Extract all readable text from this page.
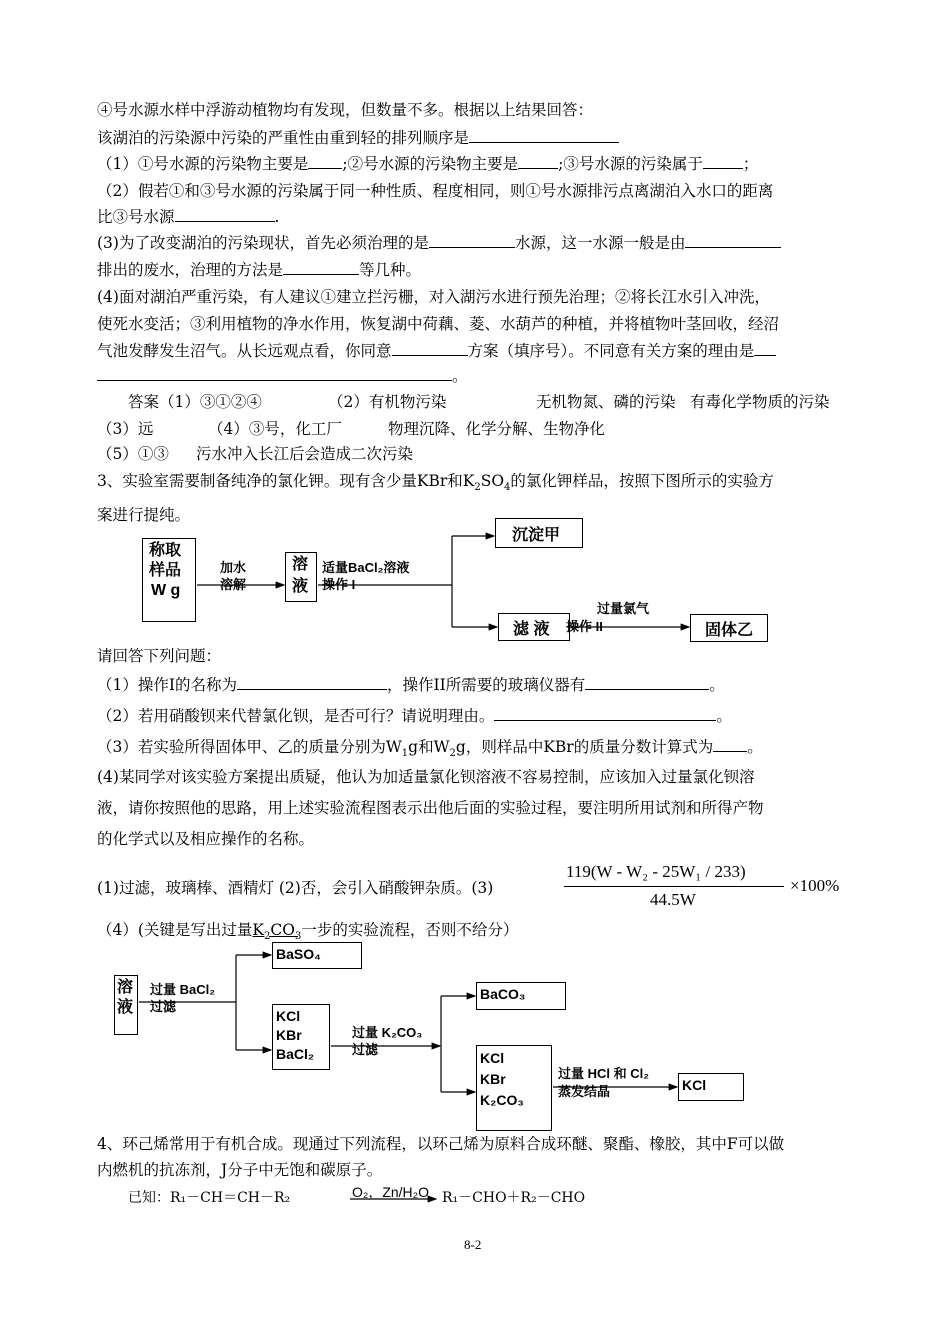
④号水源水样中浮游动植物均有发现，但数量不多。根据以上结果回答：
该湖泊的污染源中污染的严重性由重到轻的排列顺序是
（1）①号水源的污染物主要是 ;②号水源的污染物主要是	;③号水源的污染属于	；
（2）假若①和③号水源的污染属于同一种性质、程度相同，则①号水源排污点离湖泊入水口的距离
比③号水源	.
(3)为了改变湖泊的污染现状，首先必须治理的是	水源，这一水源一般是由
排出的废水，治理的方法是	等几种。
(4)面对湖泊严重污染，有人建议①建立拦污栅，对入湖污水进行预先治理；②将长江水引入冲洗，
使死水变活；③利用植物的净水作用，恢复湖中荷藕、菱、水葫芦的种植，并将植物叶茎回收，经沼
气池发酵发生沼气。从长远观点看，你同意	方案（填序号）。不同意有关方案的理由是
。
答案（1）③①②④	（2）有机物污染	无机物氮、磷的污染 有毒化学物质的污染
（3）远	（4）③号，化工厂	物理沉降、化学分解、生物净化
（5）①③ 污水冲入长江后会造成二次污染
3、实验室需要制备纯净的氯化钾。现有含少量KBr和$K_2SO_4$的氯化钾样品，按照下图所示的实验方
案进行提纯。
称取
样品
W g
加水
溶解
溶
液
适量BaCl₂溶液
操作 I
沉淀甲
滤 液
过量氯气
操作 II	固体乙
请回答下列问题：
（1）操作I的名称为	，操作II所需要的玻璃仪器有	。
（2）若用硝酸钡来代替氯化钡，是否可行？请说明理由。	。
（3）若实验所得固体甲、乙的质量分别为$W_1g$和$W_2g$，则样品中KBr的质量分数计算式为 。
(4)某同学对该实验方案提出质疑，他认为加适量氯化钡溶液不容易控制，应该加入过量氯化钡溶
液，请你按照他的思路，用上述实验流程图表示出他后面的实验过程，要注明所用试剂和所得产物
的化学式以及相应操作的名称。
(1)过滤，玻璃棒、酒精灯 (2)否，会引入硝酸钾杂质。(3)
119(W - W₂ - 25W₁ / 233)
44.5W
×100%
（4）(关键是写出过量$K_2CO_3$一步的实验流程，否则不给分）
溶
液
过量 BaCl₂
过滤
BaSO₄
KCl
KBr
BaCl₂
过量 K₂CO₃
过滤
BaCO₃
KCl
KBr
K₂CO₃
过量 HCl 和 Cl₂
蒸发结晶	KCl
4、环己烯常用于有机合成。现通过下列流程，以环己烯为原料合成环醚、聚酯、橡胶，其中F可以做
内燃机的抗冻剂，J分子中无饱和碳原子。
已知：R₁－CH＝CH－R₂	O₂，Zn/H₂O R₁－CHO＋R₂－CHO
8-2
